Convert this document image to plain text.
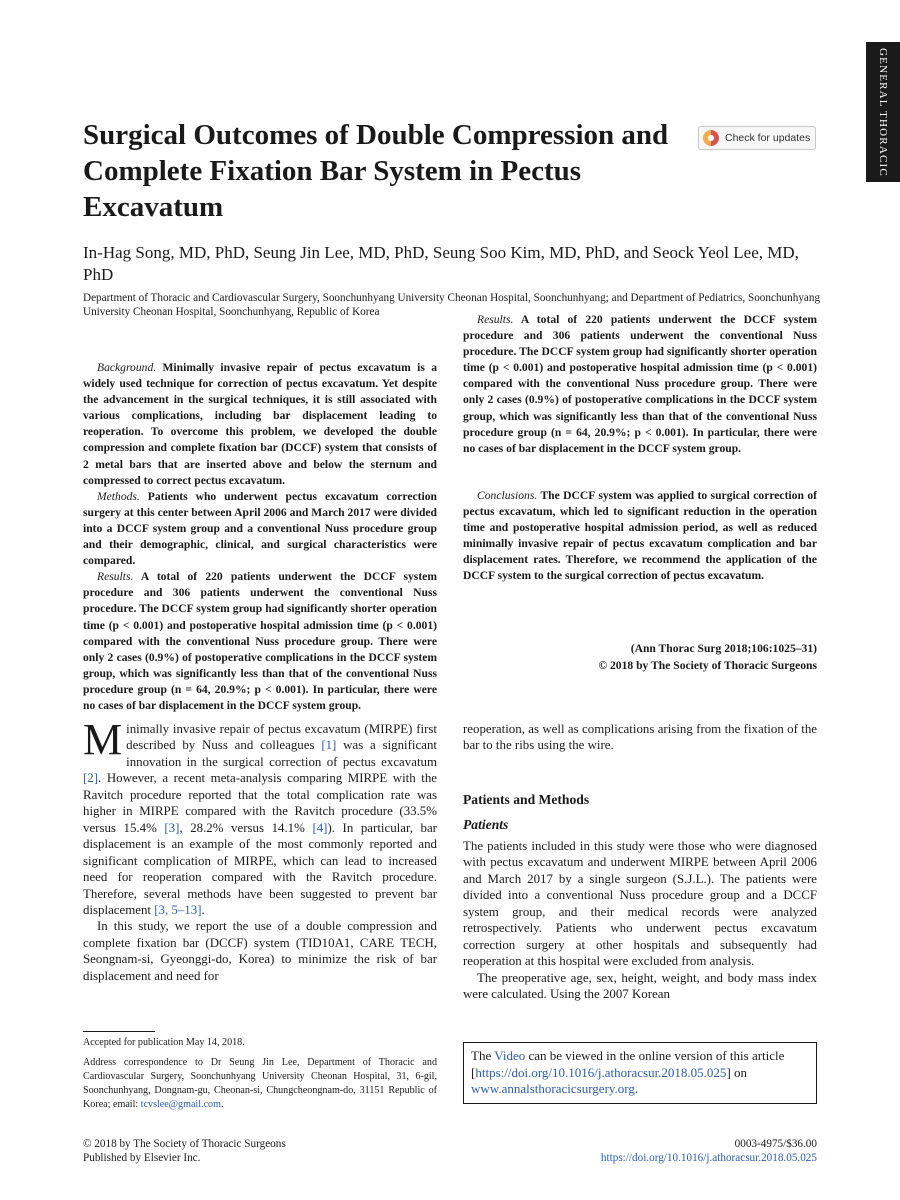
GENERAL THORACIC
Surgical Outcomes of Double Compression and Complete Fixation Bar System in Pectus Excavatum
Check for updates
In-Hag Song, MD, PhD, Seung Jin Lee, MD, PhD, Seung Soo Kim, MD, PhD, and Seock Yeol Lee, MD, PhD
Department of Thoracic and Cardiovascular Surgery, Soonchunhyang University Cheonan Hospital, Soonchunhyang; and Department of Pediatrics, Soonchunhyang University Cheonan Hospital, Soonchunhyang, Republic of Korea

Background. Minimally invasive repair of pectus excavatum is a widely used technique for correction of pectus excavatum. Yet despite the advancement in the surgical techniques, it is still associated with various complications, including bar displacement leading to reoperation. To overcome this problem, we developed the double compression and complete fixation bar (DCCF) system that consists of 2 metal bars that are inserted above and below the sternum and compressed to correct pectus excavatum.

Methods. Patients who underwent pectus excavatum correction surgery at this center between April 2006 and March 2017 were divided into a DCCF system group and a conventional Nuss procedure group and their demographic, clinical, and surgical characteristics were compared.

Results. A total of 220 patients underwent the DCCF system procedure and 306 patients underwent the conventional Nuss procedure. The DCCF system group had significantly shorter operation time (p < 0.001) and postoperative hospital admission time (p < 0.001) compared with the conventional Nuss procedure group. There were only 2 cases (0.9%) of postoperative complications in the DCCF system group, which was significantly less than that of the conventional Nuss procedure group (n = 64, 20.9%; p < 0.001). In particular, there were no cases of bar displacement in the DCCF system group.

Results. A total of 220 patients underwent the DCCF system procedure and 306 patients underwent the conventional Nuss procedure. The DCCF system group had significantly shorter operation time (p < 0.001) and postoperative hospital admission time (p < 0.001) compared with the conventional Nuss procedure group. There were only 2 cases (0.9%) of postoperative complications in the DCCF system group, which was significantly less than that of the conventional Nuss procedure group (n = 64, 20.9%; p < 0.001). In particular, there were no cases of bar displacement in the DCCF system group.

Conclusions. The DCCF system was applied to surgical correction of pectus excavatum, which led to significant reduction in the operation time and postoperative hospital admission period, as well as reduced minimally invasive repair of pectus excavatum complication and bar displacement rates. Therefore, we recommend the application of the DCCF system to the surgical correction of pectus excavatum.

(Ann Thorac Surg 2018;106:1025–31)
© 2018 by The Society of Thoracic Surgeons

Minimally invasive repair of pectus excavatum (MIRPE) first described by Nuss and colleagues [1] was a significant innovation in the surgical correction of pectus excavatum [2]. However, a recent meta-analysis comparing MIRPE with the Ravitch procedure reported that the total complication rate was higher in MIRPE compared with the Ravitch procedure (33.5% versus 15.4% [3], 28.2% versus 14.1% [4]). In particular, bar displacement is an example of the most commonly reported and significant complication of MIRPE, which can lead to increased need for reoperation compared with the Ravitch procedure. Therefore, several methods have been suggested to prevent bar displacement [3, 5–13].

In this study, we report the use of a double compression and complete fixation bar (DCCF) system (TID10A1, CARE TECH, Seongnam-si, Gyeonggi-do, Korea) to minimize the risk of bar displacement and need for

reoperation, as well as complications arising from the fixation of the bar to the ribs using the wire.
Patients and Methods
Patients

The patients included in this study were those who were diagnosed with pectus excavatum and underwent MIRPE between April 2006 and March 2017 by a single surgeon (S.J.L.). The patients were divided into a conventional Nuss procedure group and a DCCF system group, and their medical records were analyzed retrospectively. Patients who underwent pectus excavatum correction surgery at other hospitals and subsequently had reoperation at this hospital were excluded from analysis.

The preoperative age, sex, height, weight, and body mass index were calculated. Using the 2007 Korean

Accepted for publication May 14, 2018.
Address correspondence to Dr Seung Jin Lee, Department of Thoracic and Cardiovascular Surgery, Soonchunhyang University Cheonan Hospital, 31, 6-gil, Soonchunhyang, Dongnam-gu, Cheonan-si, Chungcheongnam-do, 31151 Republic of Korea; email: tcvslee@gmail.com.
The Video can be viewed in the online version of this article [https://doi.org/10.1016/j.athoracsur.2018.05.025] on www.annalsthoracicsurgery.org.
© 2018 by The Society of Thoracic Surgeons
Published by Elsevier Inc.
0003-4975/$36.00
https://doi.org/10.1016/j.athoracsur.2018.05.025
